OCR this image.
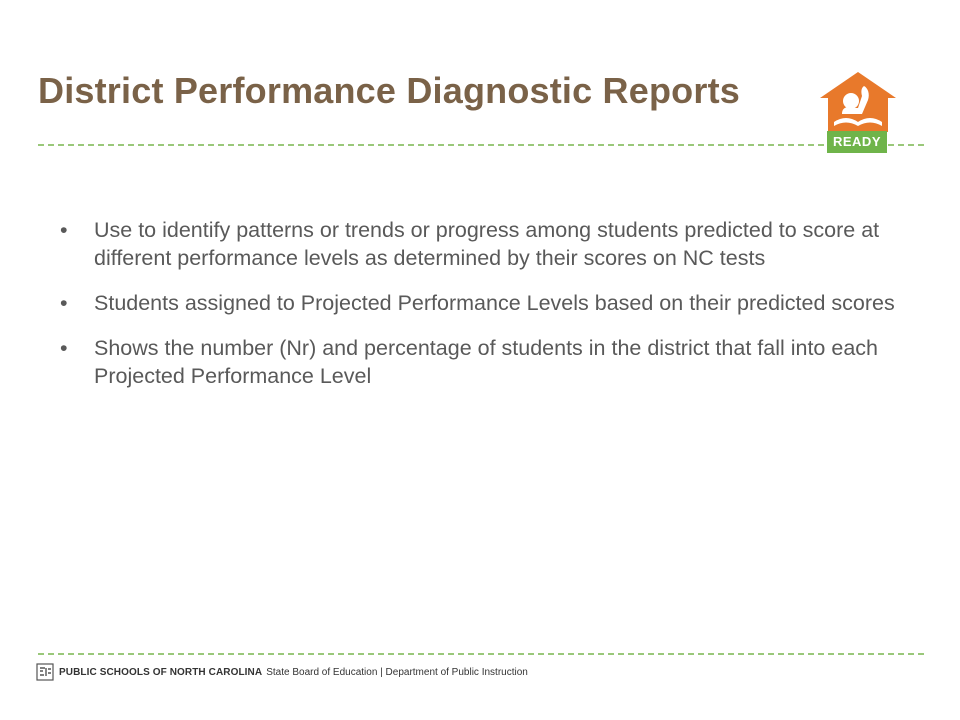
District Performance Diagnostic Reports
READY
• Use to identify patterns or trends or progress among students predicted to score at different performance levels as determined by their scores on NC tests
• Students assigned to Projected Performance Levels based on their predicted scores
• Shows the number (Nr) and percentage of students in the district that fall into each Projected Performance Level
PUBLIC SCHOOLS OF NORTH CAROLINA State Board of Education | Department of Public Instruction
